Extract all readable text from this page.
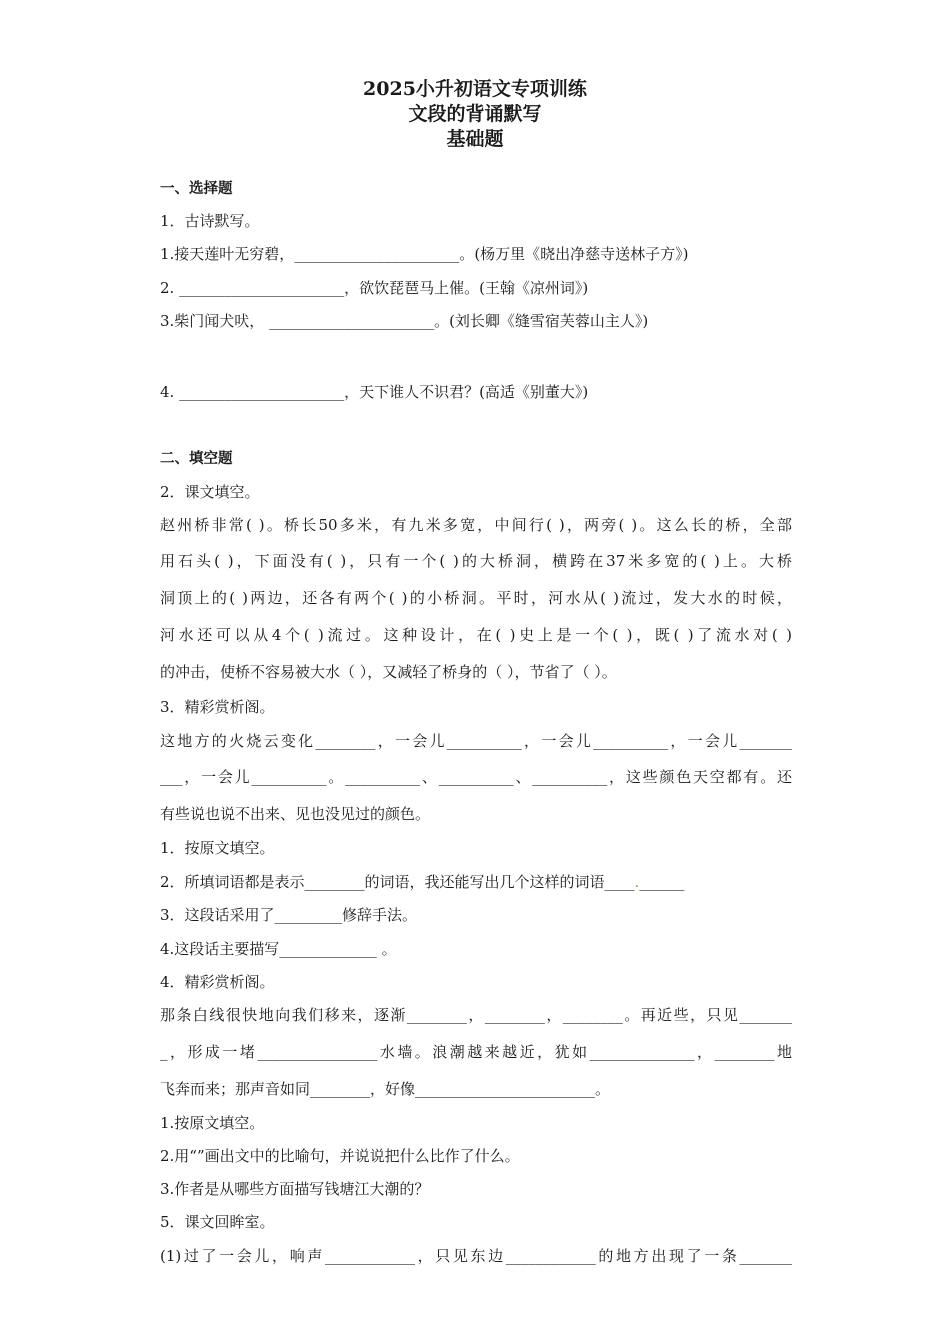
2025小升初语文专项训练
文段的背诵默写
基础题
一、选择题
1．古诗默写。
1.接天莲叶无穷碧，______________________。(杨万里《晓出净慈寺送林子方》)
2. ______________________，欲饮琵琶马上催。(王翰《凉州词》)
3.柴门闻犬吠， ______________________。(刘长卿《缝雪宿芙蓉山主人》)
4. ______________________，天下谁人不识君？(高适《别董大》)
二、填空题
2．课文填空。
赵州桥非常( )。桥长50多米，有九米多宽，中间行( )，两旁( )。这么长的桥，全部
用石头( )，下面没有( )，只有一个( )的大桥洞，横跨在37米多宽的( )上。大桥
洞顶上的( )两边，还各有两个( )的小桥洞。平时，河水从( )流过，发大水的时候，
河水还可以从4个( )流过。这种设计，在( )史上是一个( )，既( )了流水对( )
的冲击，使桥不容易被大水（ ），又减轻了桥身的（ ），节省了（ ）。
3．精彩赏析阁。
这地方的火烧云变化________，一会儿__________，一会儿__________，一会儿_______
___，一会儿__________。__________、__________、__________，这些颜色天空都有。还
有些说也说不出来、见也没见过的颜色。
1．按原文填空。
2．所填词语都是表示________的词语，我还能写出几个这样的词语____.______
3．这段话采用了_________修辞手法。
4.这段话主要描写_____________ 。
4．精彩赏析阁。
那条白线很快地向我们移来，逐渐________，________，________。再近些，只见_______
_，形成一堵________________水墙。浪潮越来越近，犹如______________，________地
飞奔而来；那声音如同________，好像________________________。
1.按原文填空。
2.用“”画出文中的比喻句，并说说把什么比作了什么。
3.作者是从哪些方面描写钱塘江大潮的？
5．课文回眸室。
(1)过了一会儿，响声____________，只见东边____________的地方出现了一条_______
